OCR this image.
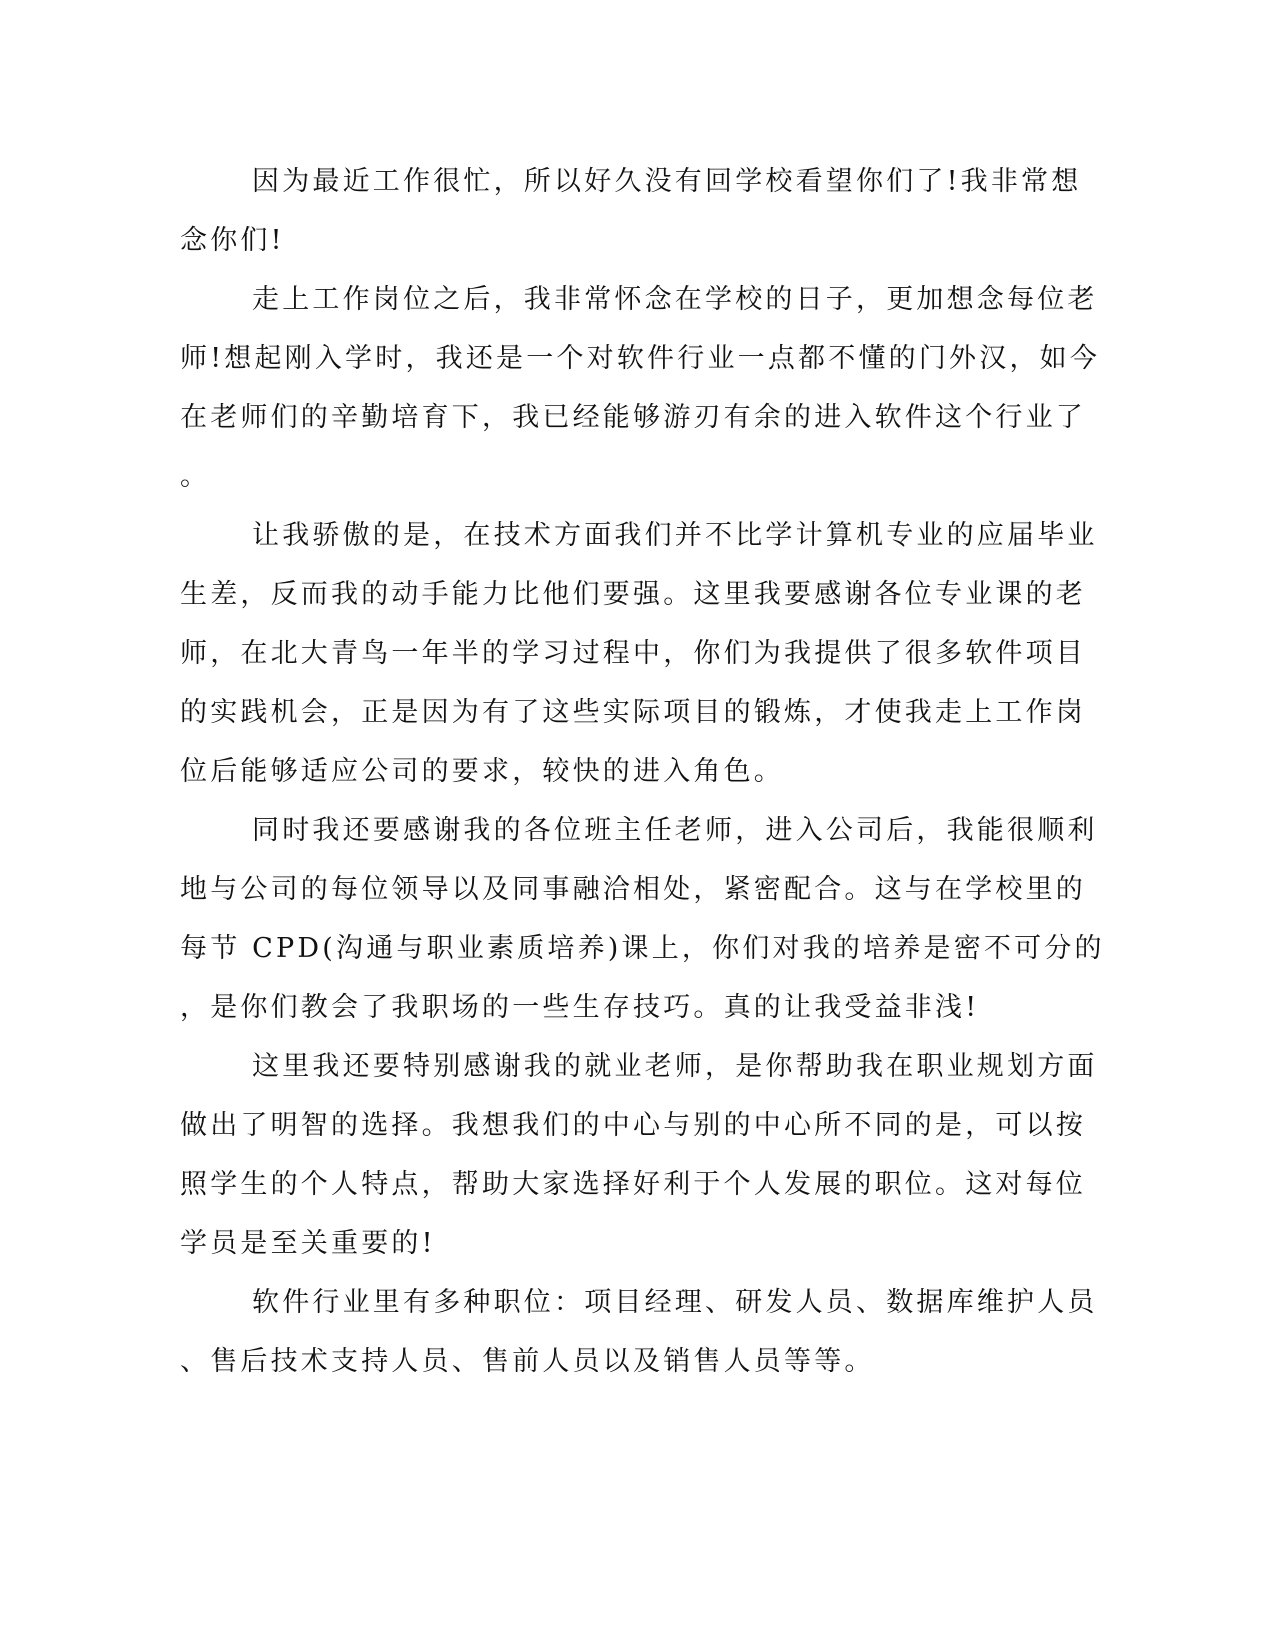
因为最近工作很忙，所以好久没有回学校看望你们了!我非常想
念你们!
走上工作岗位之后，我非常怀念在学校的日子，更加想念每位老
师!想起刚入学时，我还是一个对软件行业一点都不懂的门外汉，如今
在老师们的辛勤培育下，我已经能够游刃有余的进入软件这个行业了
。
让我骄傲的是，在技术方面我们并不比学计算机专业的应届毕业
生差，反而我的动手能力比他们要强。这里我要感谢各位专业课的老
师，在北大青鸟一年半的学习过程中，你们为我提供了很多软件项目
的实践机会，正是因为有了这些实际项目的锻炼，才使我走上工作岗
位后能够适应公司的要求，较快的进入角色。
同时我还要感谢我的各位班主任老师，进入公司后，我能很顺利
地与公司的每位领导以及同事融洽相处，紧密配合。这与在学校里的
每节 CPD(沟通与职业素质培养)课上，你们对我的培养是密不可分的
，是你们教会了我职场的一些生存技巧。真的让我受益非浅!
这里我还要特别感谢我的就业老师，是你帮助我在职业规划方面
做出了明智的选择。我想我们的中心与别的中心所不同的是，可以按
照学生的个人特点，帮助大家选择好利于个人发展的职位。这对每位
学员是至关重要的!
软件行业里有多种职位：项目经理、研发人员、数据库维护人员
、售后技术支持人员、售前人员以及销售人员等等。
